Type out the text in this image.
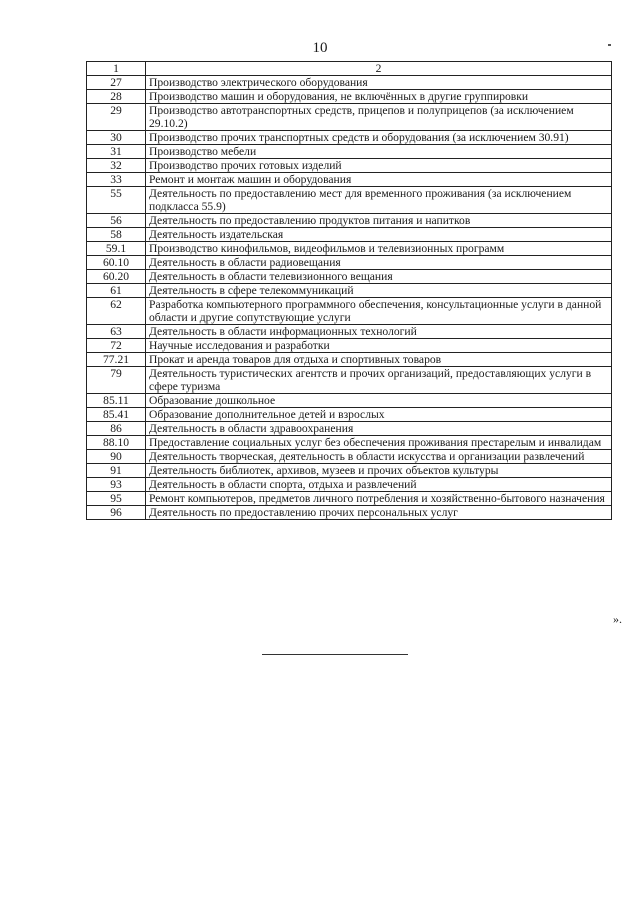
10
1	2
27	Производство электрического оборудования
28	Производство машин и оборудования, не включённых в другие группировки
29	Производство автотранспортных средств, прицепов и полуприцепов (за исключением 29.10.2)
30	Производство прочих транспортных средств и оборудования (за исключением 30.91)
31	Производство мебели
32	Производство прочих готовых изделий
33	Ремонт и монтаж машин и оборудования
55	Деятельность по предоставлению мест для временного проживания (за исключением подкласса 55.9)
56	Деятельность по предоставлению продуктов питания и напитков
58	Деятельность издательская
59.1	Производство кинофильмов, видеофильмов и телевизионных программ
60.10	Деятельность в области радиовещания
60.20	Деятельность в области телевизионного вещания
61	Деятельность в сфере телекоммуникаций
62	Разработка компьютерного программного обеспечения, консультационные услуги в данной области и другие сопутствующие услуги
63	Деятельность в области информационных технологий
72	Научные исследования и разработки
77.21	Прокат и аренда товаров для отдыха и спортивных товаров
79	Деятельность туристических агентств и прочих организаций, предоставляющих услуги в сфере туризма
85.11	Образование дошкольное
85.41	Образование дополнительное детей и взрослых
86	Деятельность в области здравоохранения
88.10	Предоставление социальных услуг без обеспечения проживания престарелым и инвалидам
90	Деятельность творческая, деятельность в области искусства и организации развлечений
91	Деятельность библиотек, архивов, музеев и прочих объектов культуры
93	Деятельность в области спорта, отдыха и развлечений
95	Ремонт компьютеров, предметов личного потребления и хозяйственно-бытового назначения
96	Деятельность по предоставлению прочих персональных услуг
».
